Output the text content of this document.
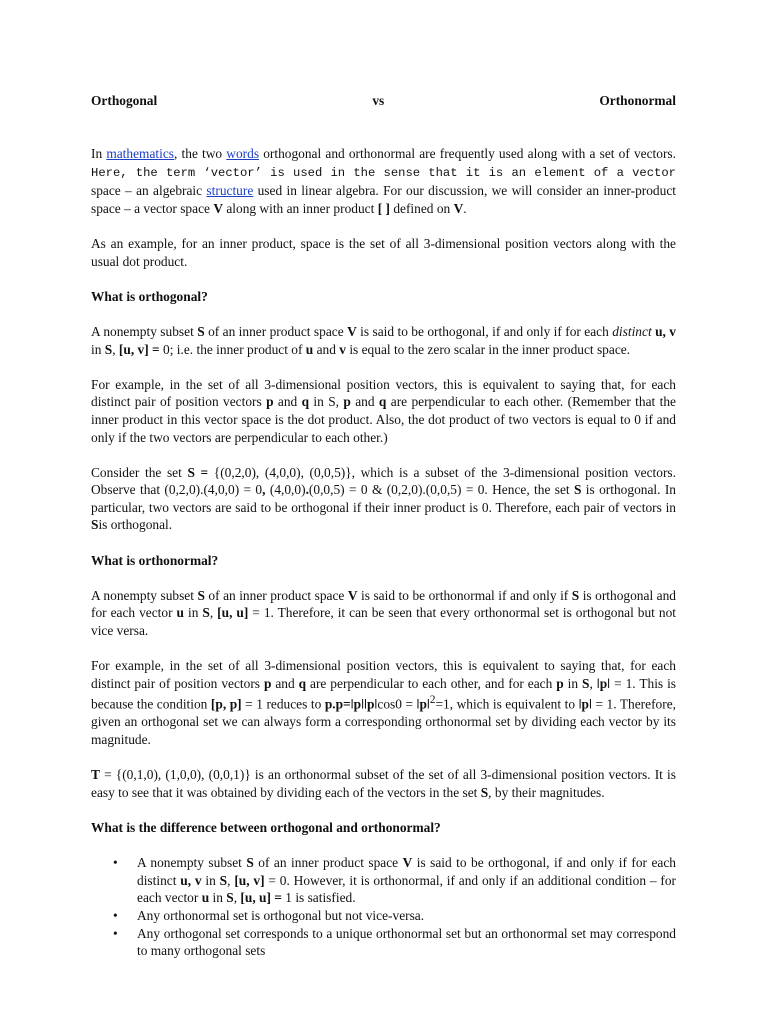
Orthogonal	vs	Orthonormal

In mathematics, the two words orthogonal and orthonormal are frequently used along with a set of vectors. Here, the term ‘vector’ is used in the sense that it is an element of a vector space – an algebraic structure used in linear algebra. For our discussion, we will consider an inner-product space – a vector space V along with an inner product [ ] defined on V.

As an example, for an inner product, space is the set of all 3-dimensional position vectors along with the usual dot product.

What is orthogonal?

A nonempty subset S of an inner product space V is said to be orthogonal, if and only if for each distinct u, v in S, [u, v] = 0; i.e. the inner product of u and v is equal to the zero scalar in the inner product space.

For example, in the set of all 3-dimensional position vectors, this is equivalent to saying that, for each distinct pair of position vectors p and q in S, p and q are perpendicular to each other. (Remember that the inner product in this vector space is the dot product. Also, the dot product of two vectors is equal to 0 if and only if the two vectors are perpendicular to each other.)

Consider the set S = {(0,2,0), (4,0,0), (0,0,5)}, which is a subset of the 3-dimensional position vectors. Observe that (0,2,0).(4,0,0) = 0, (4,0,0).(0,0,5) = 0 & (0,2,0).(0,0,5) = 0. Hence, the set S is orthogonal. In particular, two vectors are said to be orthogonal if their inner product is 0. Therefore, each pair of vectors in Sis orthogonal.

What is orthonormal?

A nonempty subset S of an inner product space V is said to be orthonormal if and only if S is orthogonal and for each vector u in S, [u, u] = 1. Therefore, it can be seen that every orthonormal set is orthogonal but not vice versa.

For example, in the set of all 3-dimensional position vectors, this is equivalent to saying that, for each distinct pair of position vectors p and q are perpendicular to each other, and for each p in S, ǀpǀ = 1. This is because the condition [p, p] = 1 reduces to p.p=ǀpǀǀpǀcos0 = ǀpǀ$^2$=1, which is equivalent to ǀpǀ = 1. Therefore, given an orthogonal set we can always form a corresponding orthonormal set by dividing each vector by its magnitude.

T = {(0,1,0), (1,0,0), (0,0,1)} is an orthonormal subset of the set of all 3-dimensional position vectors. It is easy to see that it was obtained by dividing each of the vectors in the set S, by their magnitudes.

What is the difference between orthogonal and orthonormal?
• A nonempty subset S of an inner product space V is said to be orthogonal, if and only if for each distinct u, v in S, [u, v] = 0. However, it is orthonormal, if and only if an additional condition – for each vector u in S, [u, u] = 1 is satisfied.
• Any orthonormal set is orthogonal but not vice-versa.
• Any orthogonal set corresponds to a unique orthonormal set but an orthonormal set may correspond to many orthogonal sets
